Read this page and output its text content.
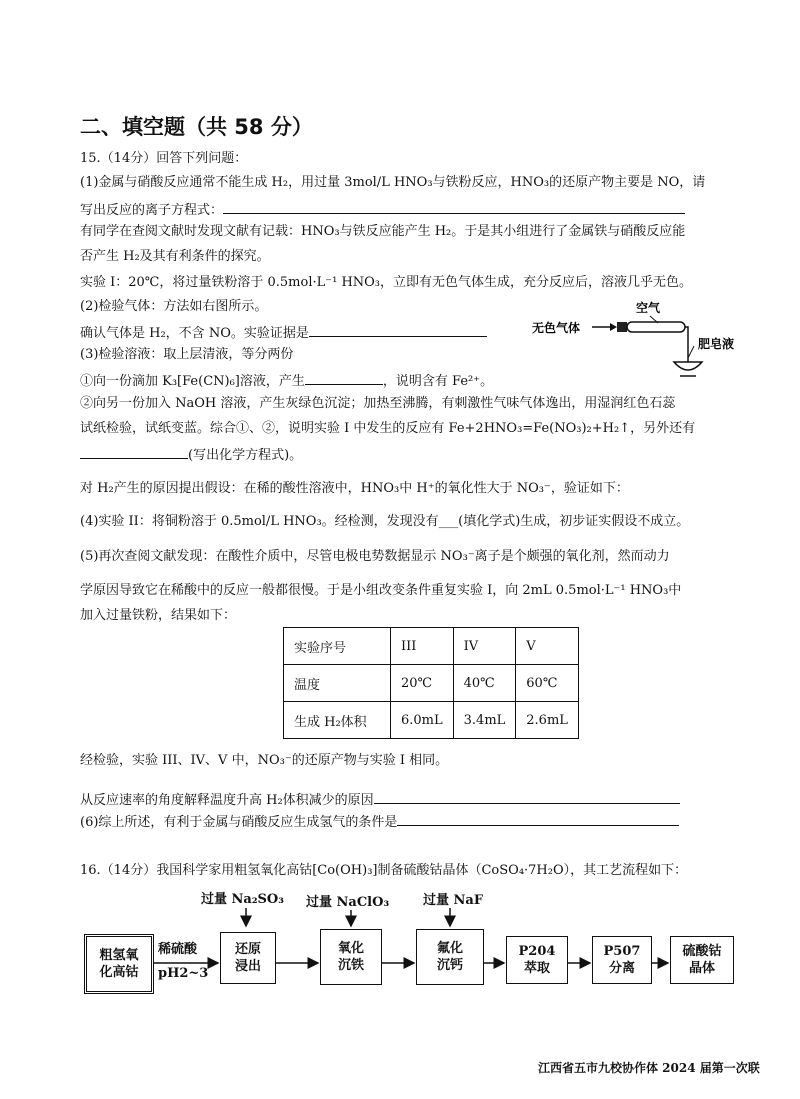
二、填空题（共 58 分）
15.（14分）回答下列问题：
(1)金属与硝酸反应通常不能生成 H₂，用过量 3mol/L HNO₃与铁粉反应，HNO₃的还原产物主要是 NO，请
写出反应的离子方程式：
有同学在查阅文献时发现文献有记载：HNO₃与铁反应能产生 H₂。于是其小组进行了金属铁与硝酸反应能
否产生 H₂及其有利条件的探究。
实验 I：20℃，将过量铁粉溶于 0.5mol·L⁻¹ HNO₃，立即有无色气体生成，充分反应后，溶液几乎无色。
(2)检验气体：方法如右图所示。
确认气体是 H₂，不含 NO。实验证据是
(3)检验溶液：取上层清液，等分两份
①向一份滴加 K₃[Fe(CN)₆]溶液，产生	，说明含有 Fe²⁺。
②向另一份加入 NaOH 溶液，产生灰绿色沉淀；加热至沸腾，有刺激性气味气体逸出，用湿润红色石蕊
试纸检验，试纸变蓝。综合①、②，说明实验 I 中发生的反应有 Fe+2HNO₃=Fe(NO₃)₂+H₂↑，另外还有
(写出化学方程式)。
对 H₂产生的原因提出假设：在稀的酸性溶液中，HNO₃中 H⁺的氧化性大于 NO₃⁻，验证如下：
(4)实验 II：将铜粉溶于 0.5mol/L HNO₃。经检测，发现没有___(填化学式)生成，初步证实假设不成立。
(5)再次查阅文献发现：在酸性介质中，尽管电极电势数据显示 NO₃⁻离子是个颇强的氧化剂，然而动力
学原因导致它在稀酸中的反应一般都很慢。于是小组改变条件重复实验 I，向 2mL 0.5mol·L⁻¹ HNO₃中
加入过量铁粉，结果如下：
空气
无色气体
肥皂液
实验序号	III	IV	V
温度	20℃	40℃	60℃
生成 H₂体积	6.0mL	3.4mL	2.6mL
经检验，实验 III、IV、V 中，NO₃⁻的还原产物与实验 I 相同。
从反应速率的角度解释温度升高 H₂体积减少的原因
(6)综上所述，有利于金属与硝酸反应生成氢气的条件是
16.（14分）我国科学家用粗氢氧化高钴[Co(OH)₃]制备硫酸钴晶体（CoSO₄·7H₂O），其工艺流程如下：
过量 Na₂SO₃ 过量 NaClO₃	过量 NaF
粗氢氧
化高钴
稀硫酸
pH2~3
还原
浸出
氧化
沉铁
氟化
沉钙
P204
萃取
P507
分离
硫酸钴
晶体
江西省五市九校协作体 2024 届第一次联
